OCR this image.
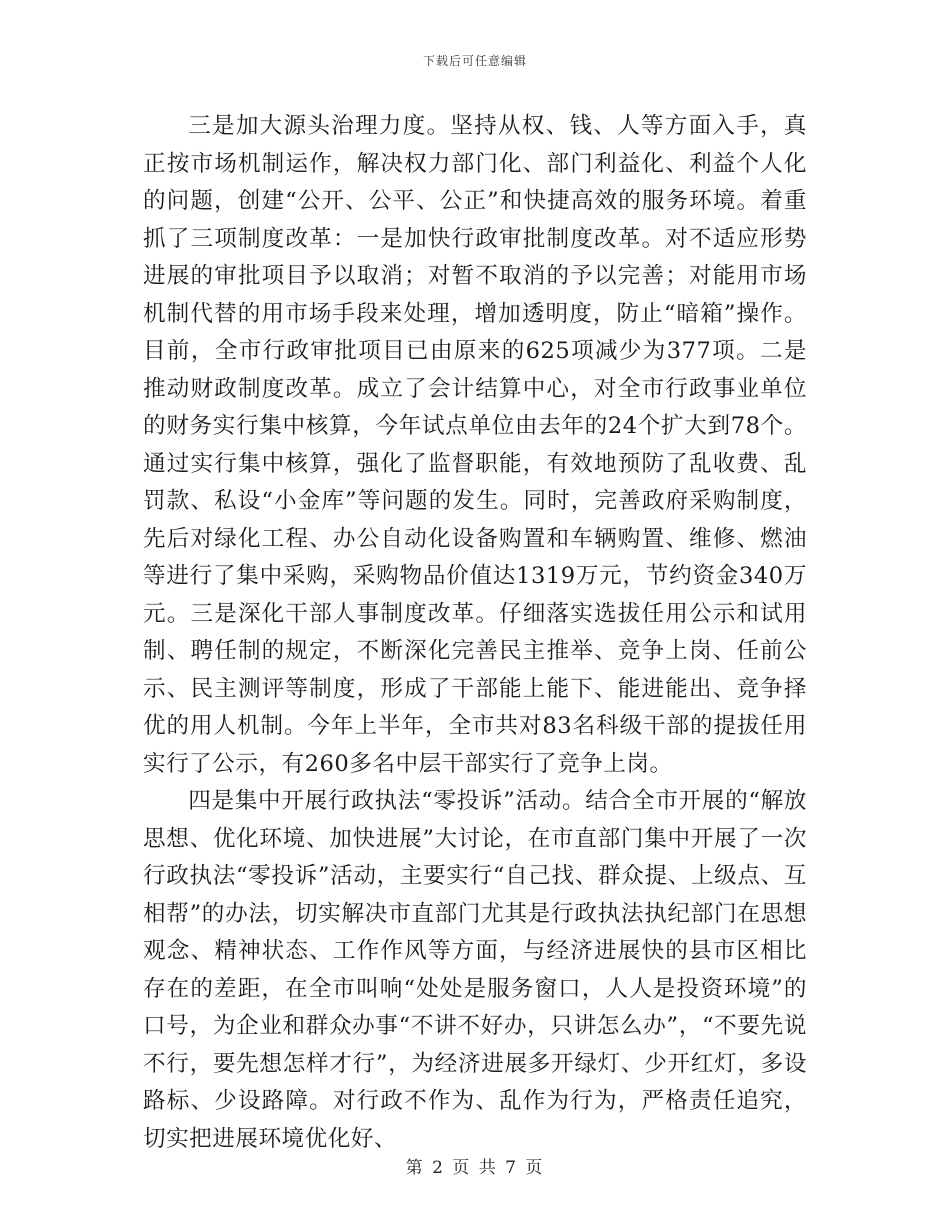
下载后可任意编辑

三是加大源头治理力度。坚持从权、钱、人等方面入手，真正按市场机制运作，解决权力部门化、部门利益化、利益个人化的问题，创建“公开、公平、公正”和快捷高效的服务环境。着重抓了三项制度改革：一是加快行政审批制度改革。对不适应形势进展的审批项目予以取消；对暂不取消的予以完善；对能用市场机制代替的用市场手段来处理，增加透明度，防止“暗箱”操作。目前，全市行政审批项目已由原来的625项减少为377项。二是推动财政制度改革。成立了会计结算中心，对全市行政事业单位的财务实行集中核算，今年试点单位由去年的24个扩大到78个。通过实行集中核算，强化了监督职能，有效地预防了乱收费、乱罚款、私设“小金库”等问题的发生。同时，完善政府采购制度，先后对绿化工程、办公自动化设备购置和车辆购置、维修、燃油等进行了集中采购，采购物品价值达1319万元，节约资金340万元。三是深化干部人事制度改革。仔细落实选拔任用公示和试用制、聘任制的规定，不断深化完善民主推举、竞争上岗、任前公示、民主测评等制度，形成了干部能上能下、能进能出、竞争择优的用人机制。今年上半年，全市共对83名科级干部的提拔任用实行了公示，有260多名中层干部实行了竞争上岗。

四是集中开展行政执法“零投诉”活动。结合全市开展的“解放思想、优化环境、加快进展”大讨论，在市直部门集中开展了一次行政执法“零投诉”活动，主要实行“自己找、群众提、上级点、互相帮”的办法，切实解决市直部门尤其是行政执法执纪部门在思想观念、精神状态、工作作风等方面，与经济进展快的县市区相比存在的差距，在全市叫响“处处是服务窗口，人人是投资环境”的口号，为企业和群众办事“不讲不好办，只讲怎么办”，“不要先说不行，要先想怎样才行”，为经济进展多开绿灯、少开红灯，多设路标、少设路障。对行政不作为、乱作为行为，严格责任追究，切实把进展环境优化好、

第 2 页 共 7 页
